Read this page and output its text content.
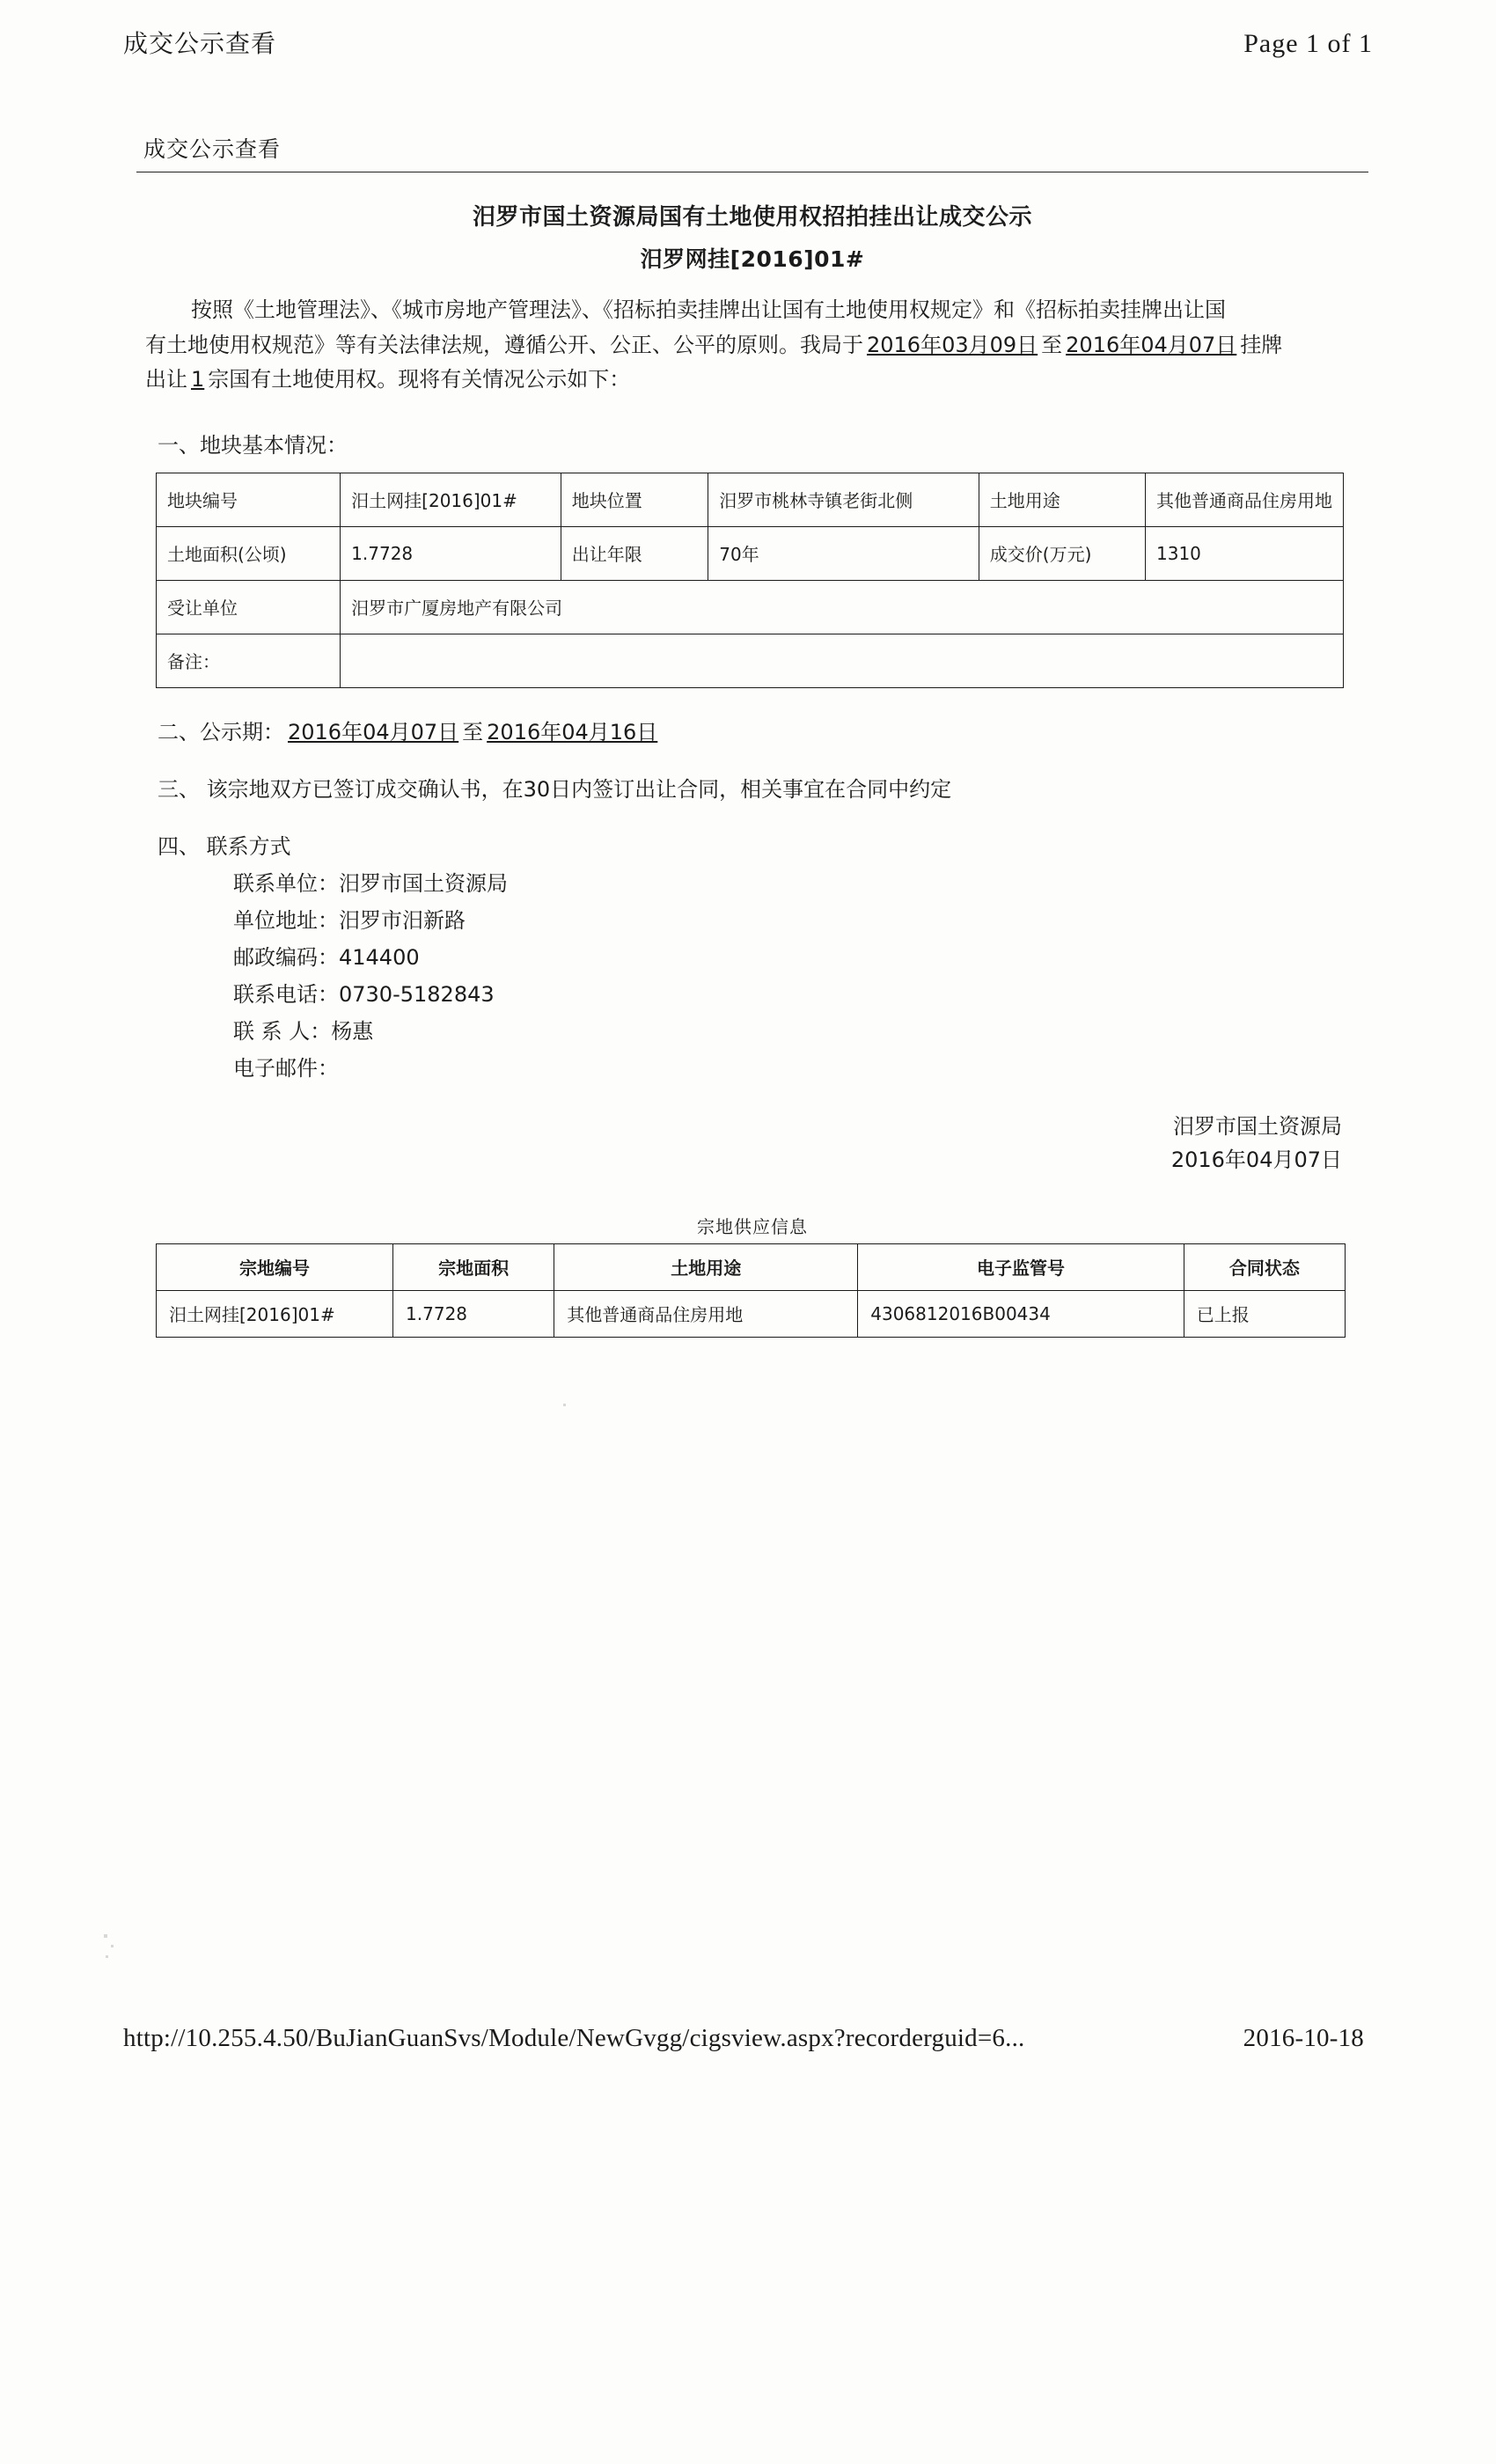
成交公示查看	Page 1 of 1
成交公示查看
汨罗市国土资源局国有土地使用权招拍挂出让成交公示
汨罗网挂[2016]01#
按照《土地管理法》、《城市房地产管理法》、《招标拍卖挂牌出让国有土地使用权规定》和《招标拍卖挂牌出让国
有土地使用权规范》等有关法律法规，遵循公开、公正、公平的原则。我局于 2016年03月09日 至 2016年04月07日 挂牌
出让 1 宗国有土地使用权。现将有关情况公示如下：
一、地块基本情况：
地块编号	汨土网挂[2016]01#	地块位置	汨罗市桃林寺镇老街北侧	土地用途	其他普通商品住房用地
土地面积(公顷)	1.7728	出让年限	70年	成交价(万元)	1310
受让单位	汨罗市广厦房地产有限公司				
备注：					
二、公示期： 2016年04月07日 至 2016年04月16日
三、 该宗地双方已签订成交确认书，在30日内签订出让合同，相关事宜在合同中约定
四、 联系方式
联系单位：汨罗市国土资源局
单位地址：汨罗市汨新路
邮政编码：414400
联系电话：0730-5182843
联 系 人：杨惠
电子邮件：
汨罗市国土资源局
2016年04月07日
宗地供应信息
宗地编号	宗地面积	土地用途	电子监管号	合同状态
汨土网挂[2016]01#	1.7728	其他普通商品住房用地	4306812016B00434	已上报
http://10.255.4.50/BuJianGuanSvs/Module/NewGvgg/cigsview.aspx?recorderguid=6...	2016-10-18
